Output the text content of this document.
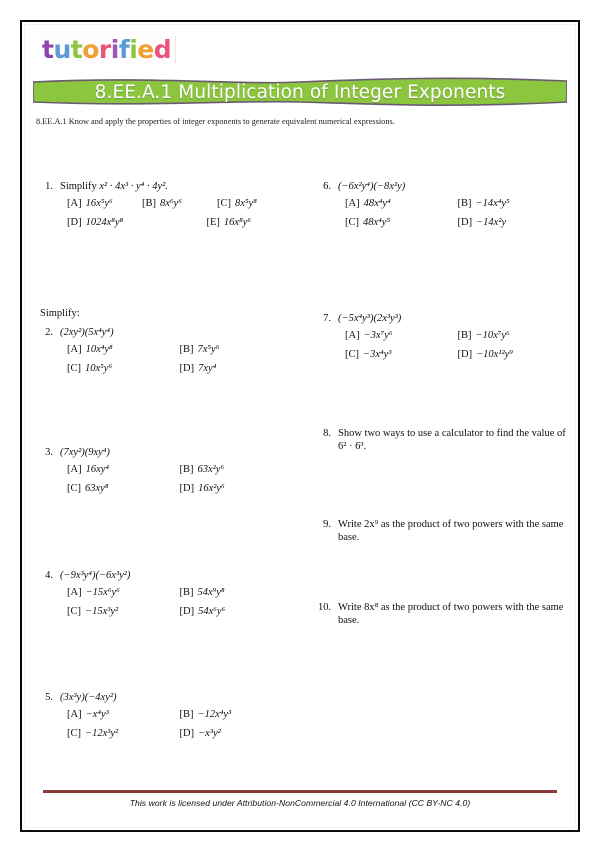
tutorified
8.EE.A.1 Multiplication of Integer Exponents
8.EE.A.1 Know and apply the properties of integer exponents to generate equivalent numerical expressions.
1. Simplify x² · 4x³ · y⁴ · 4y².
[A] 16x⁵y⁶	[B] 8x⁶y⁶	[C] 8x⁵y⁸
[D] 1024x⁸y⁸	[E] 16x⁸y⁶
Simplify:
2. (2xy²)(5x⁴y⁴)
[A] 10x⁴y⁸	[B] 7x⁵y⁶
[C] 10x⁵y⁶	[D] 7xy⁴
3. (7xy²)(9xy⁴)
[A] 16xy⁴	[B] 63x²y⁶
[C] 63xy⁸	[D] 16x²y⁶
4. (−9x³y⁴)(−6x³y²)
[A] −15x⁶y⁶	[B] 54x⁹y⁸
[C] −15x³y²	[D] 54x⁶y⁶
5. (3x³y)(−4xy²)
[A] −x⁴y³	[B] −12x⁴y³
[C] −12x³y²	[D] −x³y²
6. (−6x²y⁴)(−8x²y)
[A] 48x⁴y⁴	[B] −14x⁴y⁵
[C] 48x⁴y⁵	[D] −14x²y
7. (−5x⁴y³)(2x³y³)
[A] −3x⁷y⁶	[B] −10x⁷y⁶
[C] −3x⁴y³	[D] −10x¹²y⁹
8. Show two ways to use a calculator to find the value of 6² · 6³.
9. Write 2x⁹ as the product of two powers with the same base.
10. Write 8x⁸ as the product of two powers with the same base.
This work is licensed under Attribution-NonCommercial 4.0 International (CC BY-NC 4.0)
